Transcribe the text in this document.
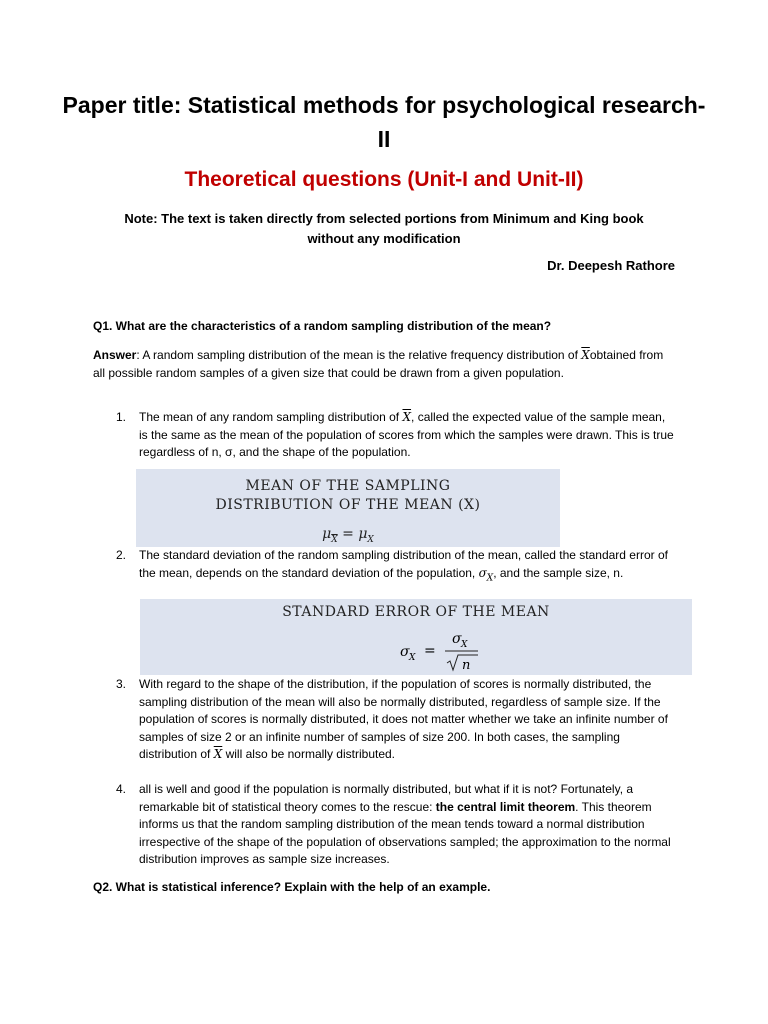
Paper title: Statistical methods for psychological research-II
Theoretical questions (Unit-I and Unit-II)
Note: The text is taken directly from selected portions from Minimum and King book without any modification
Dr. Deepesh Rathore
Q1. What are the characteristics of a random sampling distribution of the mean?
Answer: A random sampling distribution of the mean is the relative frequency distribution of $\overline{X}obtained$ from all possible random samples of a given size that could be drawn from a given population.
1.	The mean of any random sampling distribution of $\overline{X}$, called the expected value of the sample mean, is the same as the mean of the population of scores from which the samples were drawn. This is true regardless of n, σ, and the shape of the population.
MEAN OF THE SAMPLING
DISTRIBUTION OF THE MEAN (X)
$\mu_{\overline{X}} = \mu_X$
2.	The standard deviation of the random sampling distribution of the mean, called the standard error of the mean, depends on the standard deviation of the population, $\sigma_X$, and the sample size, n.
STANDARD ERROR OF THE MEAN
σ X =
σ X
n
3.	With regard to the shape of the distribution, if the population of scores is normally distributed, the sampling distribution of the mean will also be normally distributed, regardless of sample size. If the population of scores is normally distributed, it does not matter whether we take an infinite number of samples of size 2 or an infinite number of samples of size 200. In both cases, the sampling distribution of $\overline{X}$ will also be normally distributed.
4.	all is well and good if the population is normally distributed, but what if it is not? Fortunately, a remarkable bit of statistical theory comes to the rescue: the central limit theorem. This theorem informs us that the random sampling distribution of the mean tends toward a normal distribution irrespective of the shape of the population of observations sampled; the approximation to the normal distribution improves as sample size increases.
Q2. What is statistical inference? Explain with the help of an example.
